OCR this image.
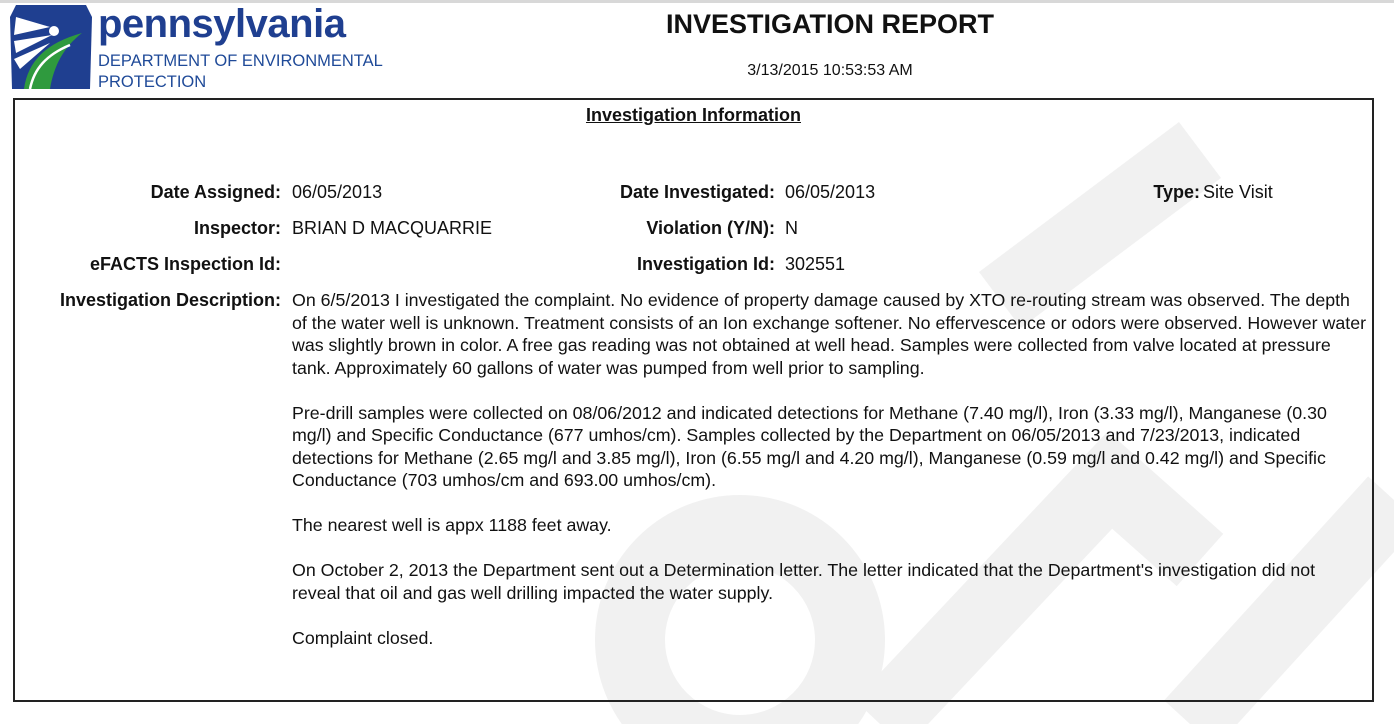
pennsylvania
DEPARTMENT OF ENVIRONMENTAL
PROTECTION
INVESTIGATION REPORT
3/13/2015 10:53:53 AM
Investigation Information
Date Assigned: 06/05/2013	Date Investigated: 06/05/2013	Type: Site Visit
Inspector: BRIAN D MACQUARRIE	Violation (Y/N): N
eFACTS Inspection Id:	Investigation Id: 302551
Investigation Description: On 6/5/2013 I investigated the complaint. No evidence of property damage caused by XTO re-routing stream was observed. The depth of the water well is unknown. Treatment consists of an Ion exchange softener. No effervescence or odors were observed. However water was slightly brown in color. A free gas reading was not obtained at well head. Samples were collected from valve located at pressure tank. Approximately 60 gallons of water was pumped from well prior to sampling.

Pre-drill samples were collected on 08/06/2012 and indicated detections for Methane (7.40 mg/l), Iron (3.33 mg/l), Manganese (0.30 mg/l) and Specific Conductance (677 umhos/cm). Samples collected by the Department on 06/05/2013 and 7/23/2013, indicated detections for Methane (2.65 mg/l and 3.85 mg/l), Iron (6.55 mg/l and 4.20 mg/l), Manganese (0.59 mg/l and 0.42 mg/l) and Specific Conductance (703 umhos/cm and 693.00 umhos/cm).

The nearest well is appx 1188 feet away.

On October 2, 2013 the Department sent out a Determination letter. The letter indicated that the Department's investigation did not reveal that oil and gas well drilling impacted the water supply.

Complaint closed.
